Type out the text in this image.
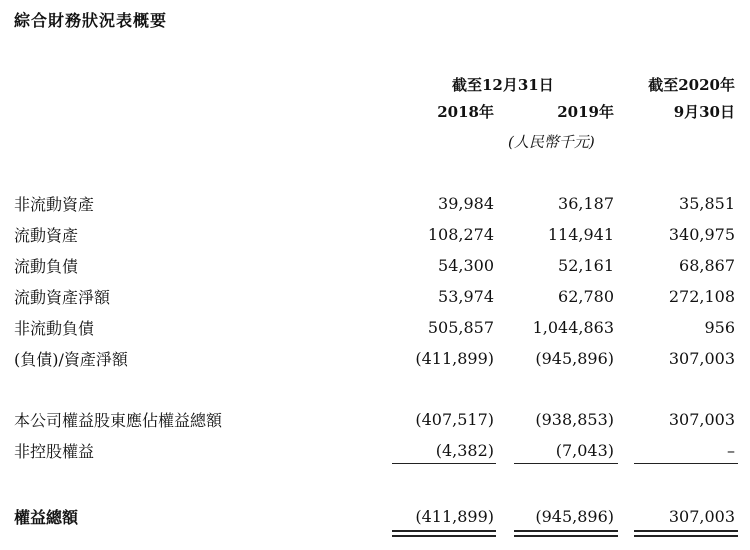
綜合財務狀況表概要
截至12月31日
2018年	2019年
截至2020年
9月30日
(人民幣千元)
非流動資產	39,984	36,187	35,851
流動資產	108,274	114,941	340,975
流動負債	54,300	52,161	68,867
流動資產淨額	53,974	62,780	272,108
非流動負債	505,857 1,044,863	956
(負債)/資產淨額	(411,899)	(945,896)	307,003
本公司權益股東應佔權益總額	(407,517)	(938,853)	307,003
非控股權益	(4,382)	(7,043)	–
權益總額	(411,899)	(945,896)	307,003
